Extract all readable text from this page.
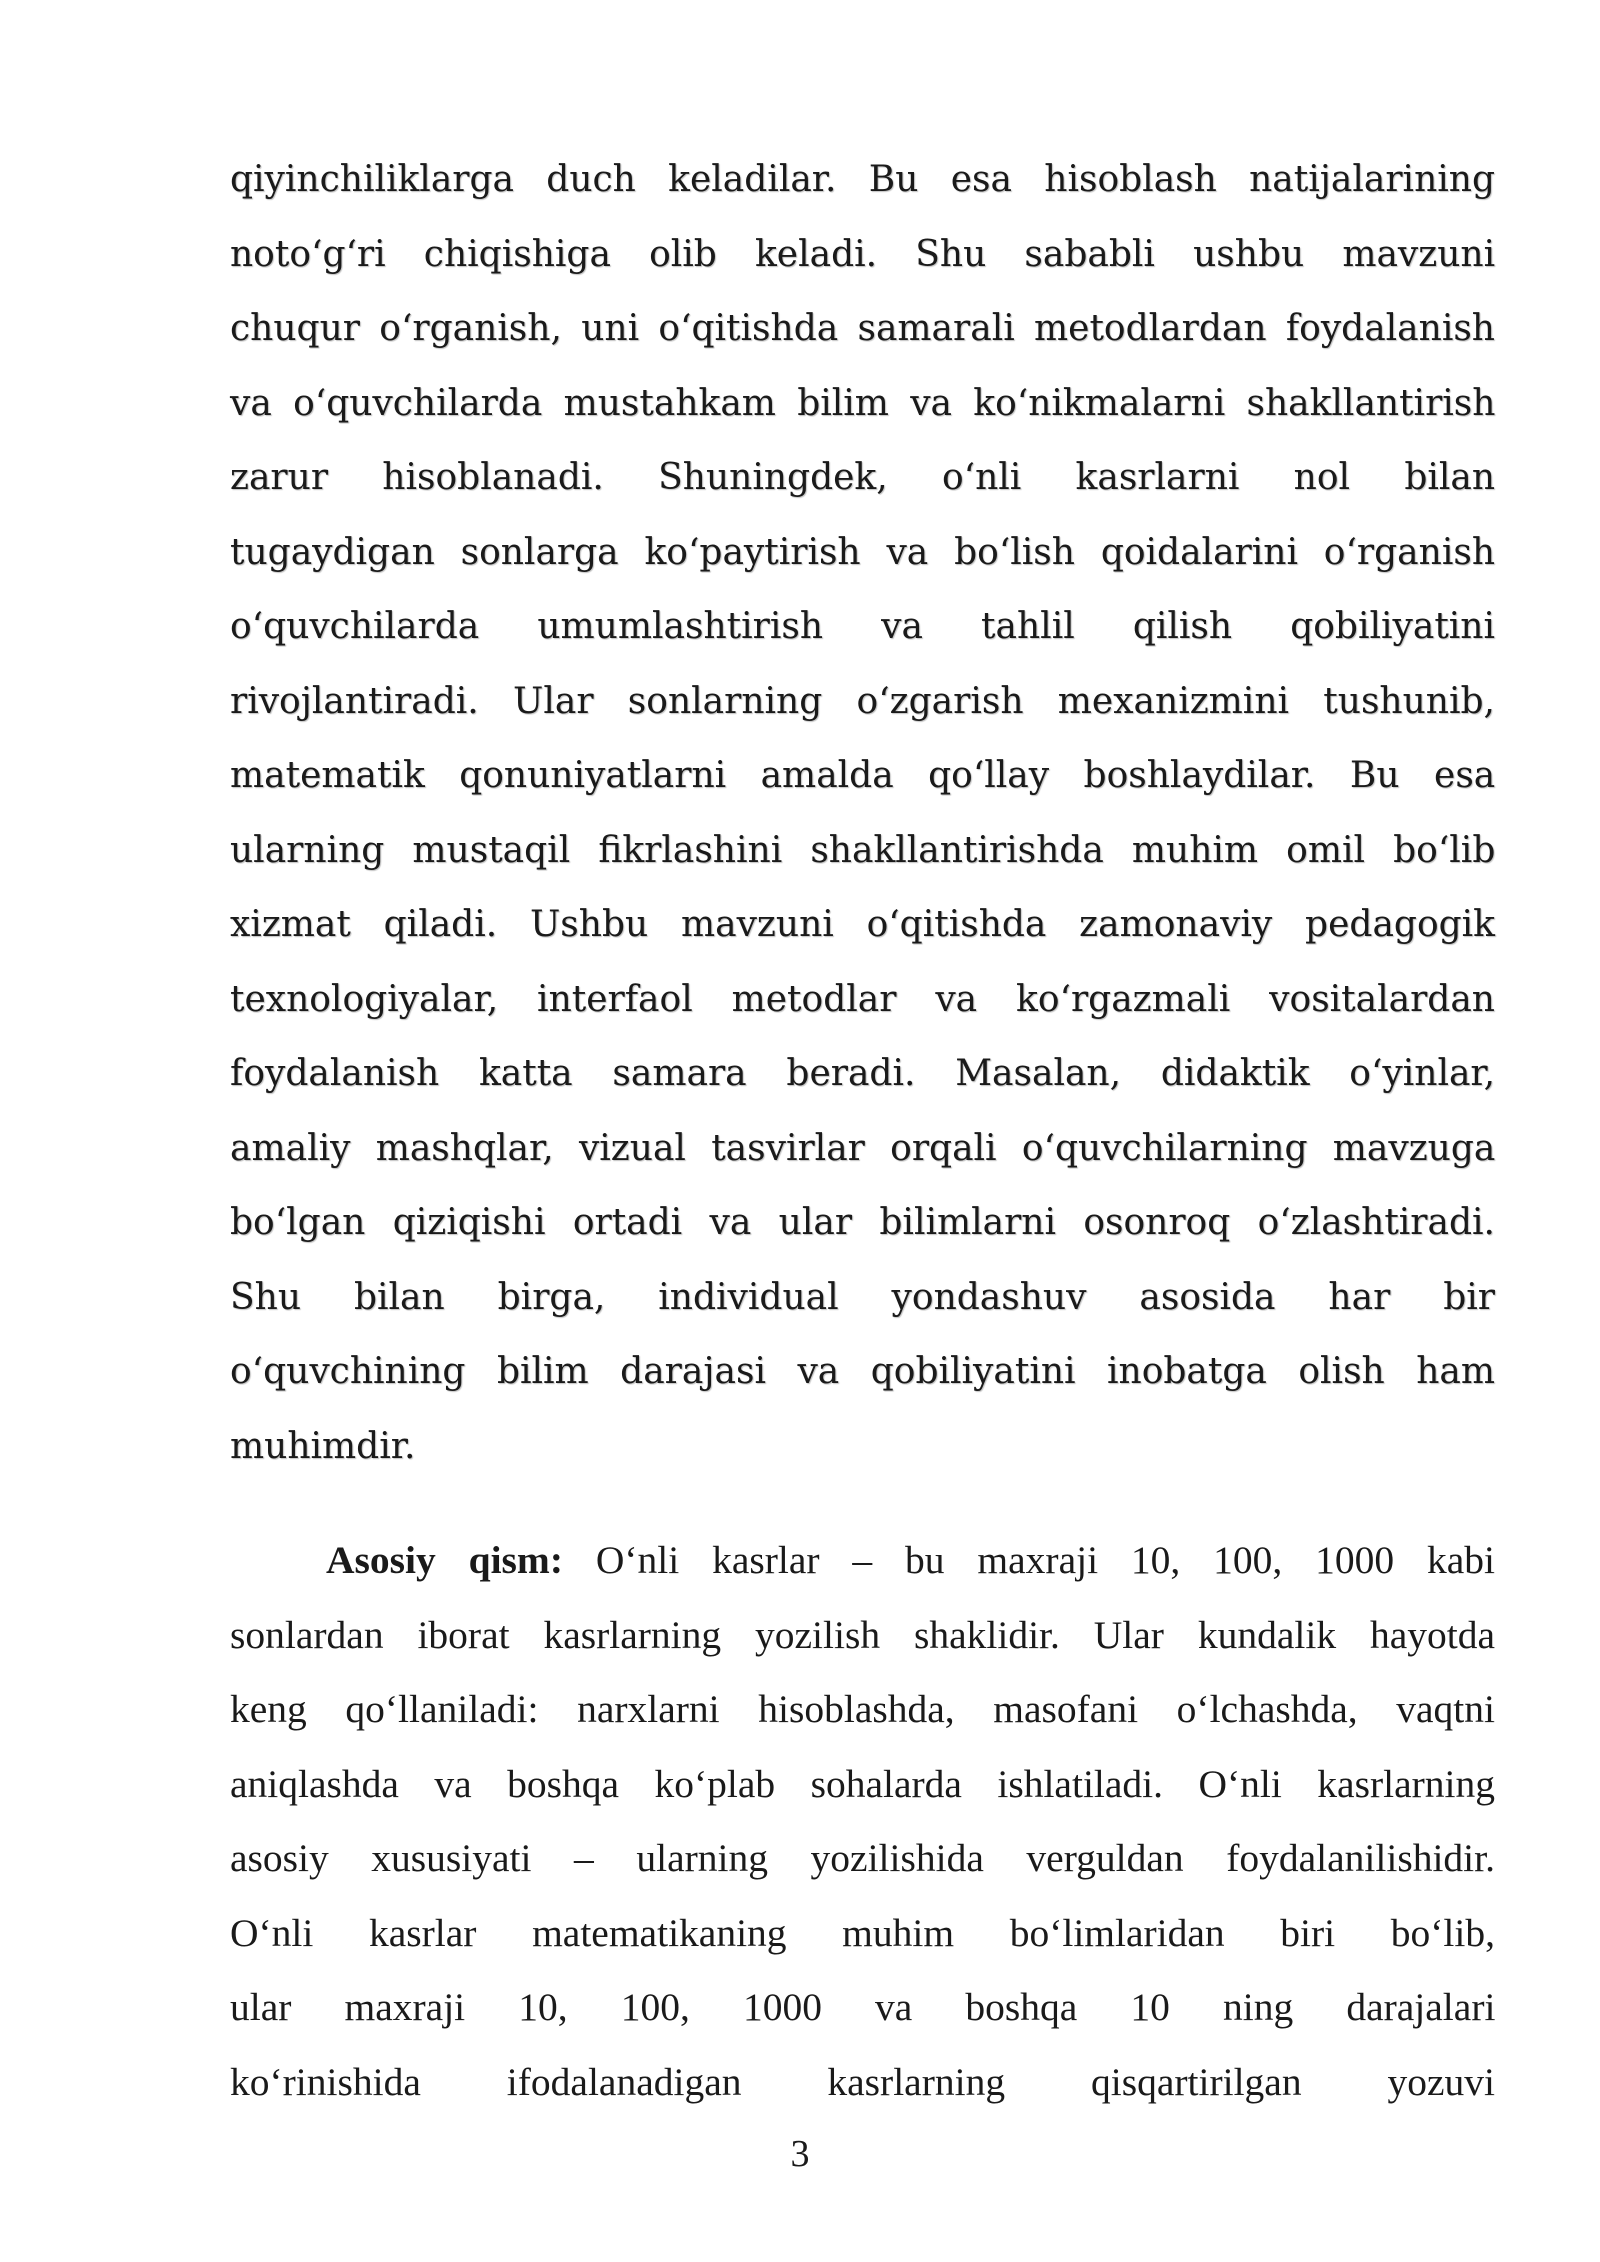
qiyinchiliklarga duch keladilar. Bu esa hisoblash natijalarining
noto‘g‘ri chiqishiga olib keladi. Shu sababli ushbu mavzuni
chuqur o‘rganish, uni o‘qitishda samarali metodlardan foydalanish
va o‘quvchilarda mustahkam bilim va ko‘nikmalarni shakllantirish
zarur hisoblanadi. Shuningdek, o‘nli kasrlarni nol bilan
tugaydigan sonlarga ko‘paytirish va bo‘lish qoidalarini o‘rganish
o‘quvchilarda umumlashtirish va tahlil qilish qobiliyatini
rivojlantiradi. Ular sonlarning o‘zgarish mexanizmini tushunib,
matematik qonuniyatlarni amalda qo‘llay boshlaydilar. Bu esa
ularning mustaqil fikrlashini shakllantirishda muhim omil bo‘lib
xizmat qiladi. Ushbu mavzuni o‘qitishda zamonaviy pedagogik
texnologiyalar, interfaol metodlar va ko‘rgazmali vositalardan
foydalanish katta samara beradi. Masalan, didaktik o‘yinlar,
amaliy mashqlar, vizual tasvirlar orqali o‘quvchilarning mavzuga
bo‘lgan qiziqishi ortadi va ular bilimlarni osonroq o‘zlashtiradi.
Shu bilan birga, individual yondashuv asosida har bir
o‘quvchining bilim darajasi va qobiliyatini inobatga olish ham
muhimdir.
Asosiy qism: O‘nli kasrlar – bu maxraji 10, 100, 1000 kabi
sonlardan iborat kasrlarning yozilish shaklidir. Ular kundalik hayotda
keng qo‘llaniladi: narxlarni hisoblashda, masofani o‘lchashda, vaqtni
aniqlashda va boshqa ko‘plab sohalarda ishlatiladi. O‘nli kasrlarning
asosiy xususiyati – ularning yozilishida verguldan foydalanilishidir.
O‘nli kasrlar matematikaning muhim bo‘limlaridan biri bo‘lib,
ular maxraji 10, 100, 1000 va boshqa 10 ning darajalari
ko‘rinishida ifodalanadigan kasrlarning qisqartirilgan yozuvi
3
